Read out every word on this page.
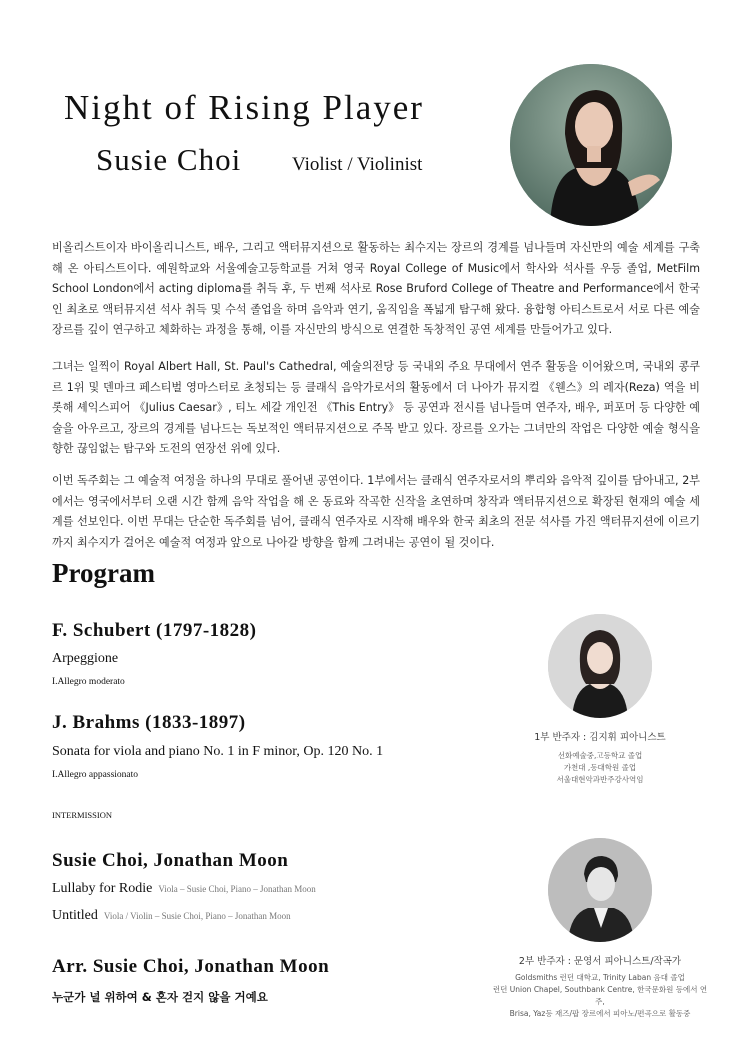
Night of Rising Player
Susie Choi	Violist / Violinist
비올리스트이자 바이올리니스트, 배우, 그리고 액터뮤지션으로 활동하는 최수지는 장르의 경계를 넘나들며 자신만의 예술 세계를 구축해 온 아티스트이다. 예원학교와 서울예술고등학교를 거쳐 영국 Royal College of Music에서 학사와 석사를 우등 졸업, MetFilm School London에서 acting diploma를 취득 후, 두 번째 석사로 Rose Bruford College of Theatre and Performance에서 한국인 최초로 액터뮤지션 석사 취득 및 수석 졸업을 하며 음악과 연기, 움직임을 폭넓게 탐구해 왔다. 융합형 아티스트로서 서로 다른 예술 장르를 깊이 연구하고 체화하는 과정을 통해, 이를 자신만의 방식으로 연결한 독창적인 공연 세계를 만들어가고 있다.
그녀는 일찍이 Royal Albert Hall, St. Paul's Cathedral, 예술의전당 등 국내외 주요 무대에서 연주 활동을 이어왔으며, 국내외 콩쿠르 1위 및 덴마크 페스티벌 영마스터로 초청되는 등 클래식 음악가로서의 활동에서 더 나아가 뮤지컬 《웬스》의 레자(Reza) 역을 비롯해 셰익스피어 《Julius Caesar》, 티노 세갈 개인전 《This Entry》 등 공연과 전시를 넘나들며 연주자, 배우, 퍼포머 등 다양한 예술을 아우르고, 장르의 경계를 넘나드는 독보적인 액터뮤지션으로 주목 받고 있다. 장르를 오가는 그녀만의 작업은 다양한 예술 형식을 향한 끊임없는 탐구와 도전의 연장선 위에 있다.
이번 독주회는 그 예술적 여정을 하나의 무대로 풀어낸 공연이다. 1부에서는 클래식 연주자로서의 뿌리와 음악적 깊이를 담아내고, 2부에서는 영국에서부터 오랜 시간 함께 음악 작업을 해 온 동료와 작곡한 신작을 초연하며 창작과 액터뮤지션으로 확장된 현재의 예술 세계를 선보인다. 이번 무대는 단순한 독주회를 넘어, 클래식 연주자로 시작해 배우와 한국 최초의 전문 석사를 가진 액터뮤지션에 이르기까지 최수지가 걸어온 예술적 여정과 앞으로 나아갈 방향을 함께 그려내는 공연이 될 것이다.
Program
F. Schubert (1797-1828)
Arpeggione
I.Allegro moderato
J. Brahms (1833-1897)
Sonata for viola and piano No. 1 in F minor, Op. 120 No. 1
I.Allegro appassionato
INTERMISSION
Susie Choi, Jonathan Moon
Lullaby for Rodie Viola – Susie Choi, Piano – Jonathan Moon
Untitled Viola / Violin – Susie Choi, Piano – Jonathan Moon
Arr. Susie Choi, Jonathan Moon
누군가 널 위하여 & 혼자 걷지 않을 거예요
1부 반주자 : 김지휘 피아니스트
선화예술중,고등학교 졸업
가천대 ,동대학원 졸업
서울대현악과반주강사역임
2부 반주자 : 문영서 피아니스트/작곡가
Goldsmiths 런던 대학교, Trinity Laban 음대 졸업
런던 Union Chapel, Southbank Centre, 한국문화원 등에서 연주,
Brisa, Yaz등 재즈/팝 장르에서 피아노/편곡으로 활동중
